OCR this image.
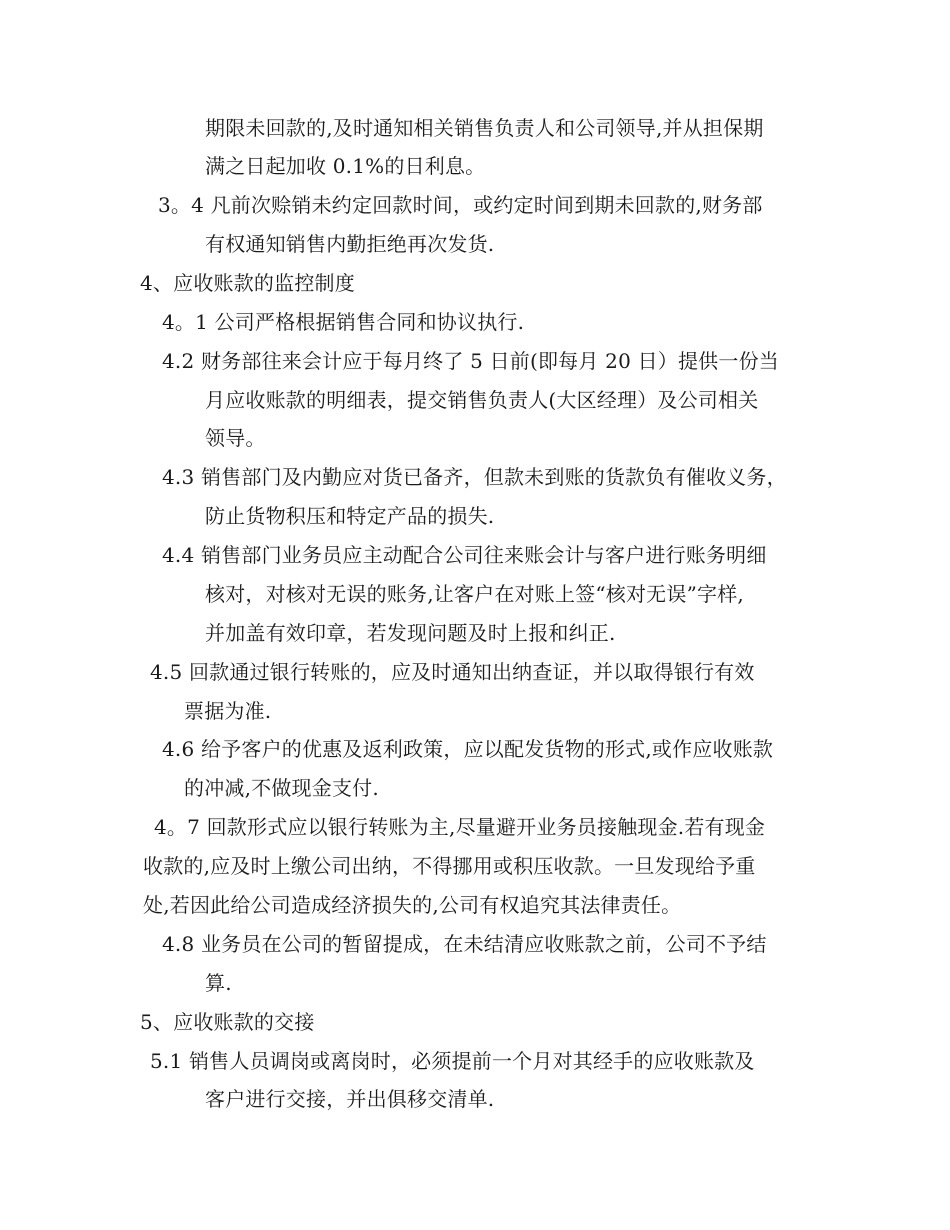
期限未回款的,及时通知相关销售负责人和公司领导,并从担保期
满之日起加收 0.1%的日利息。
3。4 凡前次赊销未约定回款时间，或约定时间到期未回款的,财务部
有权通知销售内勤拒绝再次发货.
4、应收账款的监控制度
4。1 公司严格根据销售合同和协议执行.
4.2 财务部往来会计应于每月终了 5 日前(即每月 20 日）提供一份当
月应收账款的明细表，提交销售负责人(大区经理）及公司相关
领导。
4.3 销售部门及内勤应对货已备齐，但款未到账的货款负有催收义务，
防止货物积压和特定产品的损失.
4.4 销售部门业务员应主动配合公司往来账会计与客户进行账务明细
核对，对核对无误的账务,让客户在对账上签“核对无误”字样,
并加盖有效印章，若发现问题及时上报和纠正.
4.5 回款通过银行转账的，应及时通知出纳查证，并以取得银行有效
票据为准.
4.6 给予客户的优惠及返利政策，应以配发货物的形式,或作应收账款
的冲减,不做现金支付.
4。7 回款形式应以银行转账为主,尽量避开业务员接触现金.若有现金
收款的,应及时上缴公司出纳，不得挪用或积压收款。一旦发现给予重
处,若因此给公司造成经济损失的,公司有权追究其法律责任。
4.8 业务员在公司的暂留提成，在未结清应收账款之前，公司不予结
算.
5、应收账款的交接
5.1 销售人员调岗或离岗时，必须提前一个月对其经手的应收账款及
客户进行交接，并出俱移交清单.
